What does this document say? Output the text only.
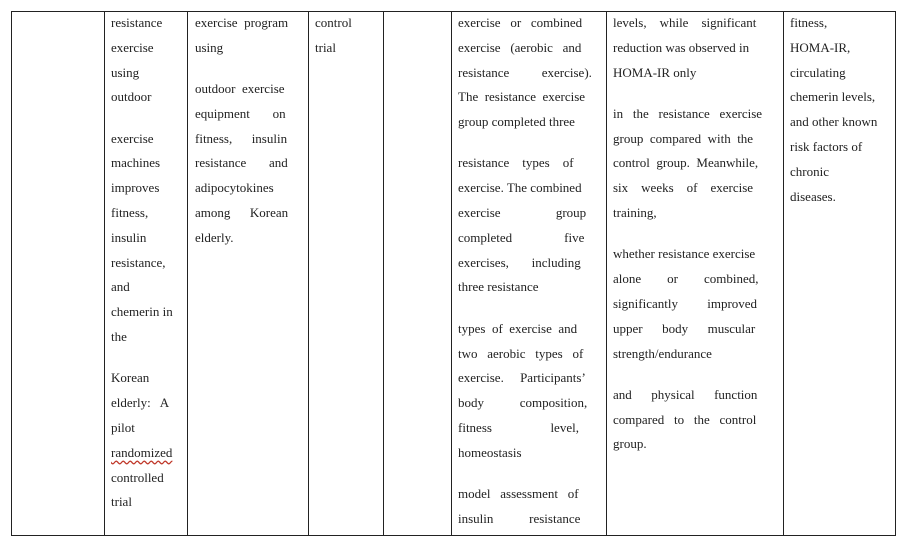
resistance
exercise
using
outdoor
exercise
machines
improves
fitness,
insulin
resistance,
and
chemerin in
the
Korean
elderly:   A
pilot
randomized
controlled
trial
exercise  program
using
outdoor  exercise
equipment       on
fitness,      insulin
resistance       and
adipocytokines
among      Korean
elderly.
control
trial
exercise   or   combined
exercise   (aerobic   and
resistance          exercise).
The  resistance  exercise
group completed three
resistance    types    of
exercise. The combined
exercise                 group
completed                five
exercises,       including
three resistance
types  of  exercise  and
two   aerobic   types   of
exercise.     Participants’
body           composition,
fitness                  level,
homeostasis
model   assessment   of
insulin           resistance
levels,    while    significant
reduction was observed in
HOMA-IR only
in   the   resistance   exercise
group  compared  with  the
control  group.  Meanwhile,
six    weeks    of    exercise
training,
whether resistance exercise
alone        or        combined,
significantly         improved
upper      body      muscular
strength/endurance
and      physical      function
compared   to   the   control
group.
fitness,
HOMA-IR,
circulating
chemerin levels,
and other known
risk factors of
chronic
diseases.
